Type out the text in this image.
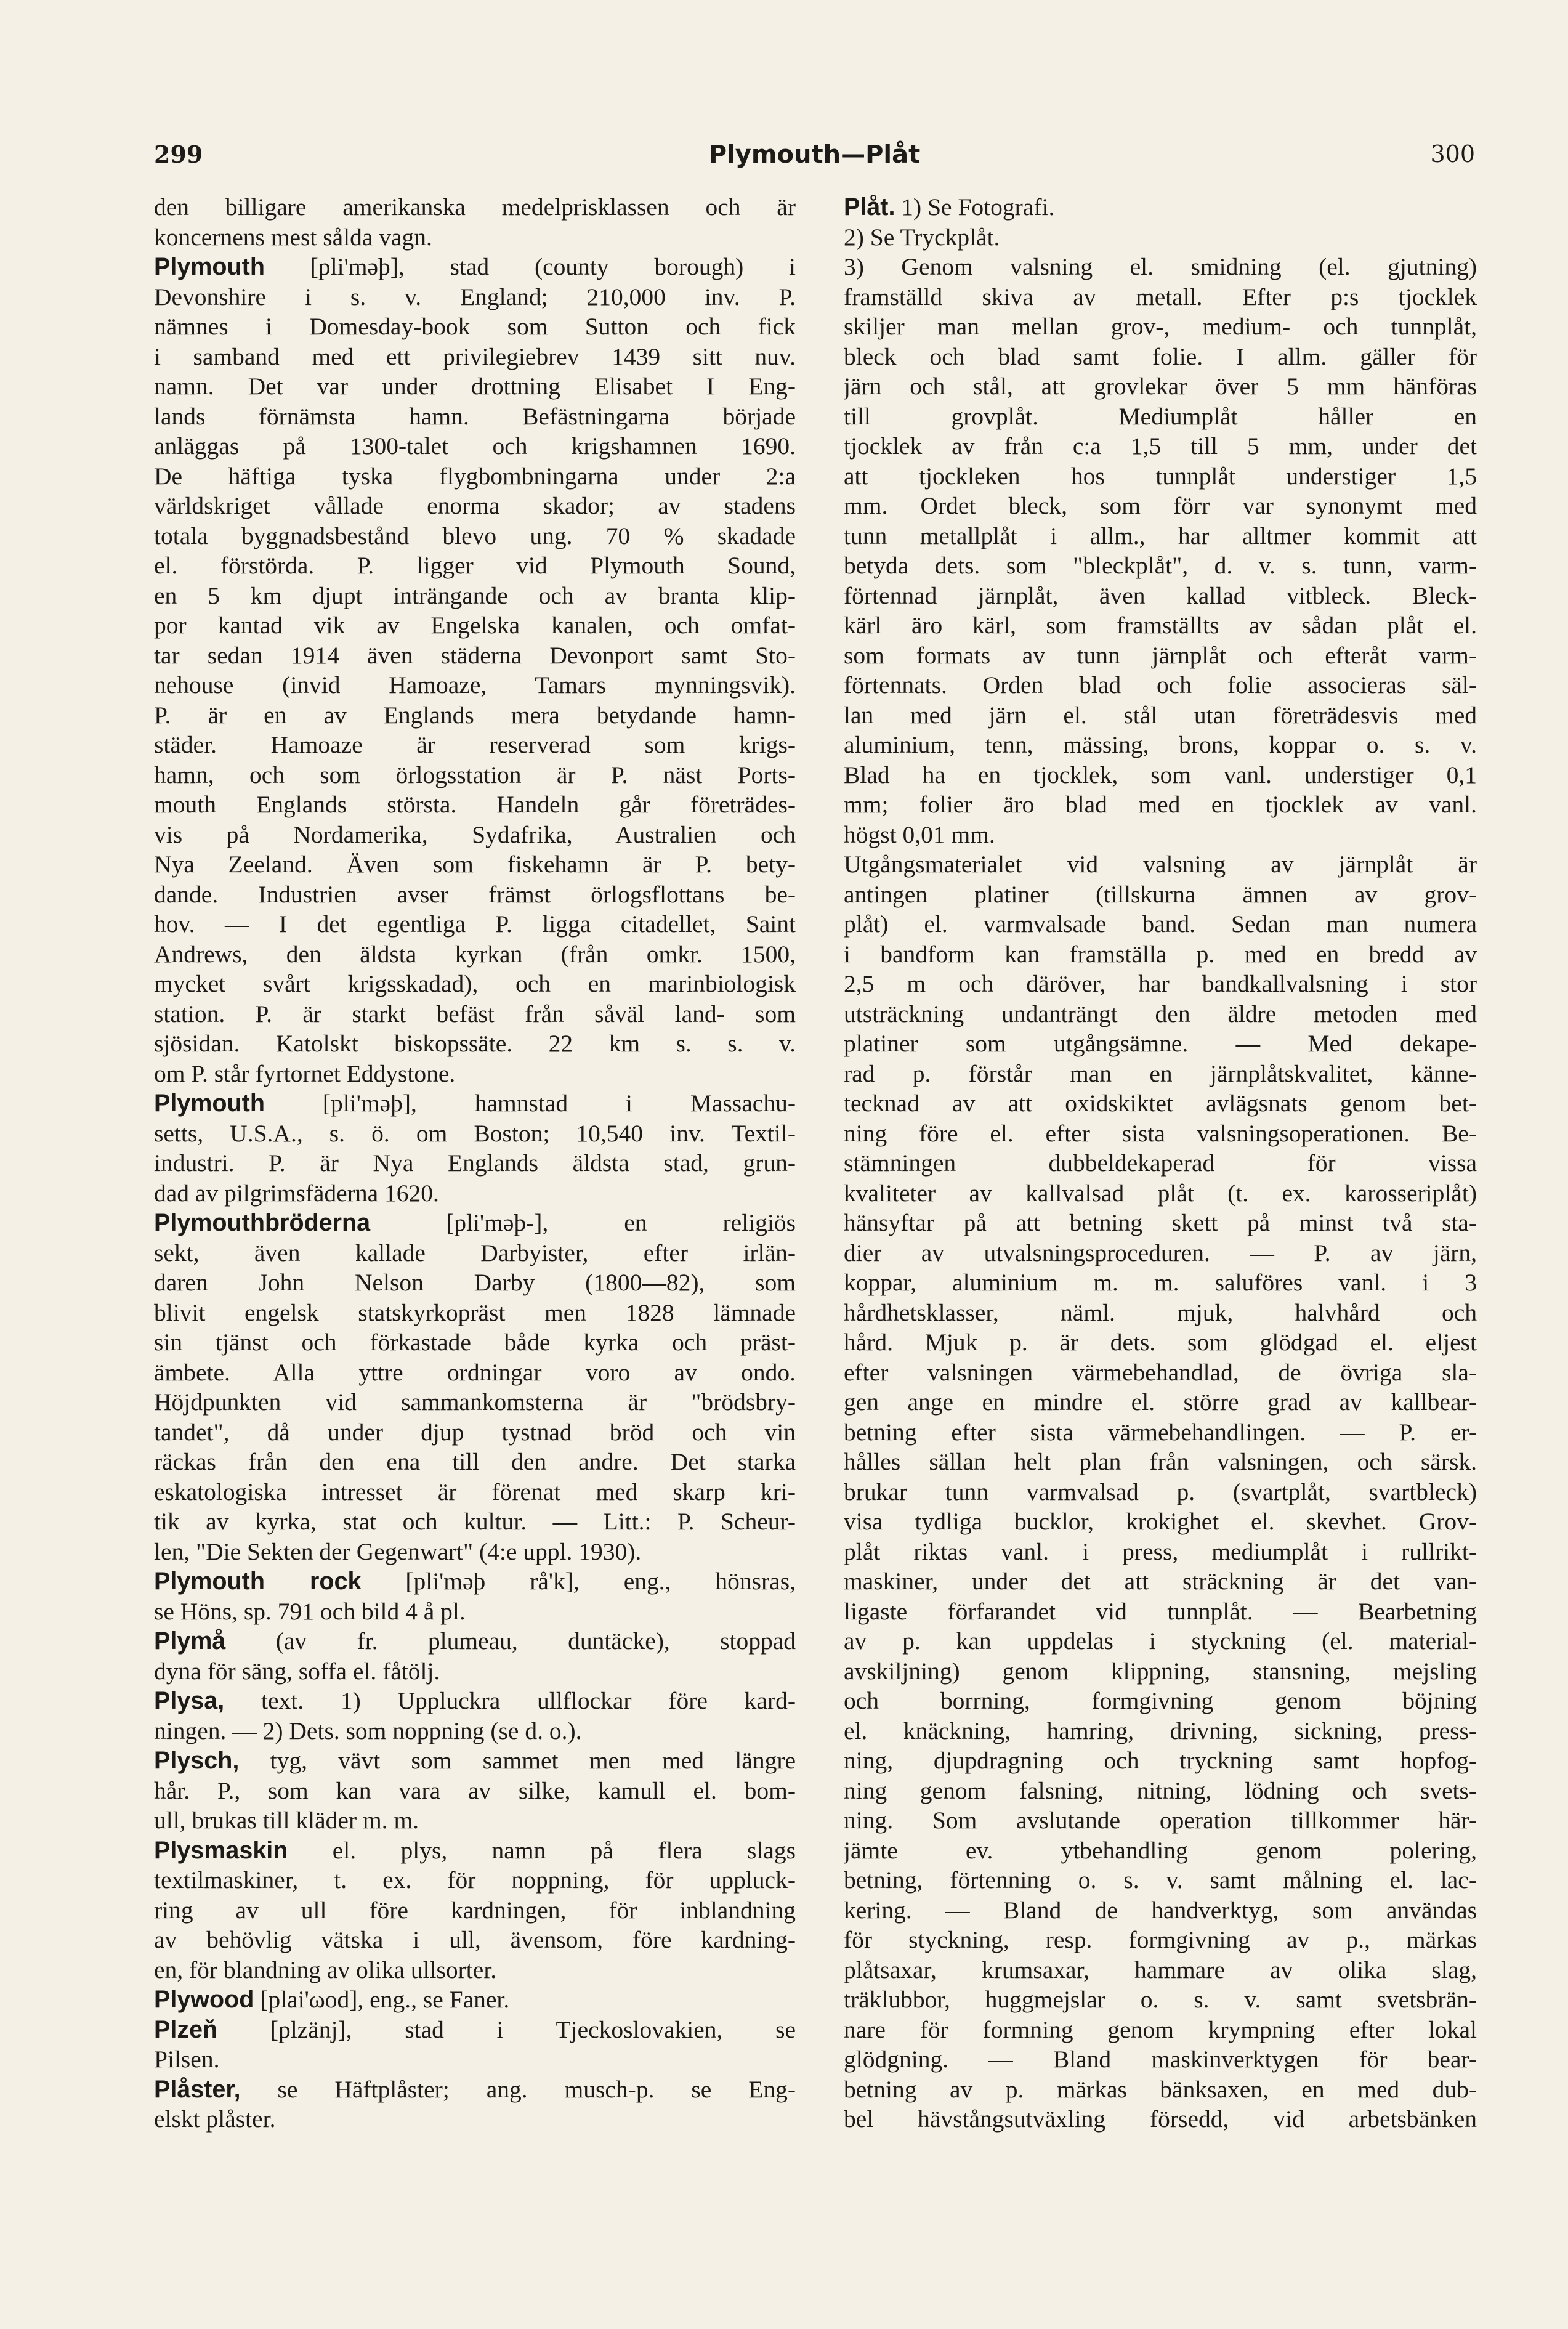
299	Plymouth—Plåt	300
den billigare amerikanska medelprisklassen och är
koncernens mest sålda vagn.
Plymouth [pli'məþ], stad (county borough) i
Devonshire i s. v. England; 210,000 inv. P.
nämnes i Domesday-book som Sutton och fick
i samband med ett privilegiebrev 1439 sitt nuv.
namn. Det var under drottning Elisabet I Eng-
lands förnämsta hamn. Befästningarna började
anläggas på 1300-talet och krigshamnen 1690.
De häftiga tyska flygbombningarna under 2:a
världskriget vållade enorma skador; av stadens
totala byggnadsbestånd blevo ung. 70 % skadade
el. förstörda. P. ligger vid Plymouth Sound,
en 5 km djupt inträngande och av branta klip-
por kantad vik av Engelska kanalen, och omfat-
tar sedan 1914 även städerna Devonport samt Sto-
nehouse (invid Hamoaze, Tamars mynningsvik).
P. är en av Englands mera betydande hamn-
städer. Hamoaze är reserverad som krigs-
hamn, och som örlogsstation är P. näst Ports-
mouth Englands största. Handeln går företrädes-
vis på Nordamerika, Sydafrika, Australien och
Nya Zeeland. Även som fiskehamn är P. bety-
dande. Industrien avser främst örlogsflottans be-
hov. — I det egentliga P. ligga citadellet, Saint
Andrews, den äldsta kyrkan (från omkr. 1500,
mycket svårt krigsskadad), och en marinbiologisk
station. P. är starkt befäst från såväl land- som
sjösidan. Katolskt biskopssäte. 22 km s. s. v.
om P. står fyrtornet Eddystone.
Plymouth [pli'məþ], hamnstad i Massachu-
setts, U.S.A., s. ö. om Boston; 10,540 inv. Textil-
industri. P. är Nya Englands äldsta stad, grun-
dad av pilgrimsfäderna 1620.
Plymouthbröderna [pli'məþ-], en religiös
sekt, även kallade Darbyister, efter irlän-
daren John Nelson Darby (1800—82), som
blivit engelsk statskyrkopräst men 1828 lämnade
sin tjänst och förkastade både kyrka och präst-
ämbete. Alla yttre ordningar voro av ondo.
Höjdpunkten vid sammankomsterna är "brödsbry-
tandet", då under djup tystnad bröd och vin
räckas från den ena till den andre. Det starka
eskatologiska intresset är förenat med skarp kri-
tik av kyrka, stat och kultur. — Litt.: P. Scheur-
len, "Die Sekten der Gegenwart" (4:e uppl. 1930).
Plymouth rock [pli'məþ rå'k], eng., hönsras,
se Höns, sp. 791 och bild 4 å pl.
Plymå (av fr. plumeau, duntäcke), stoppad
dyna för säng, soffa el. fåtölj.
Plysa, text. 1) Uppluckra ullflockar före kard-
ningen. — 2) Dets. som noppning (se d. o.).
Plysch, tyg, vävt som sammet men med längre
hår. P., som kan vara av silke, kamull el. bom-
ull, brukas till kläder m. m.
Plysmaskin el. plys, namn på flera slags
textilmaskiner, t. ex. för noppning, för uppluck-
ring av ull före kardningen, för inblandning
av behövlig vätska i ull, ävensom, före kardning-
en, för blandning av olika ullsorter.
Plywood [plai'ωod], eng., se Faner.
Plzeň [plzänj], stad i Tjeckoslovakien, se
Pilsen.
Plåster, se Häftplåster; ang. musch-p. se Eng-
elskt plåster.
Plåt. 1) Se Fotografi.
2) Se Tryckplåt.
3) Genom valsning el. smidning (el. gjutning)
framställd skiva av metall. Efter p:s tjocklek
skiljer man mellan grov-, medium- och tunnplåt,
bleck och blad samt folie. I allm. gäller för
järn och stål, att grovlekar över 5 mm hänföras
till grovplåt. Mediumplåt håller en
tjocklek av från c:a 1,5 till 5 mm, under det
att tjockleken hos tunnplåt understiger 1,5
mm. Ordet bleck, som förr var synonymt med
tunn metallplåt i allm., har alltmer kommit att
betyda dets. som "bleckplåt", d. v. s. tunn, varm-
förtennad järnplåt, även kallad vitbleck. Bleck-
kärl äro kärl, som framställts av sådan plåt el.
som formats av tunn järnplåt och efteråt varm-
förtennats. Orden blad och folie associeras säl-
lan med järn el. stål utan företrädesvis med
aluminium, tenn, mässing, brons, koppar o. s. v.
Blad ha en tjocklek, som vanl. understiger 0,1
mm; folier äro blad med en tjocklek av vanl.
högst 0,01 mm.
Utgångsmaterialet vid valsning av järnplåt är
antingen platiner (tillskurna ämnen av grov-
plåt) el. varmvalsade band. Sedan man numera
i bandform kan framställa p. med en bredd av
2,5 m och däröver, har bandkallvalsning i stor
utsträckning undanträngt den äldre metoden med
platiner som utgångsämne. — Med dekape-
rad p. förstår man en järnplåtskvalitet, känne-
tecknad av att oxidskiktet avlägsnats genom bet-
ning före el. efter sista valsningsoperationen. Be-
stämningen dubbeldekaperad för vissa
kvaliteter av kallvalsad plåt (t. ex. karosseriplåt)
hänsyftar på att betning skett på minst två sta-
dier av utvalsningsproceduren. — P. av järn,
koppar, aluminium m. m. saluföres vanl. i 3
hårdhetsklasser, näml. mjuk, halvhård och
hård. Mjuk p. är dets. som glödgad el. eljest
efter valsningen värmebehandlad, de övriga sla-
gen ange en mindre el. större grad av kallbear-
betning efter sista värmebehandlingen. — P. er-
hålles sällan helt plan från valsningen, och särsk.
brukar tunn varmvalsad p. (svartplåt, svartbleck)
visa tydliga bucklor, krokighet el. skevhet. Grov-
plåt riktas vanl. i press, mediumplåt i rullrikt-
maskiner, under det att sträckning är det van-
ligaste förfarandet vid tunnplåt. — Bearbetning
av p. kan uppdelas i styckning (el. material-
avskiljning) genom klippning, stansning, mejsling
och borrning, formgivning genom böjning
el. knäckning, hamring, drivning, sickning, press-
ning, djupdragning och tryckning samt hopfog-
ning genom falsning, nitning, lödning och svets-
ning. Som avslutande operation tillkommer här-
jämte ev. ytbehandling genom polering,
betning, förtenning o. s. v. samt målning el. lac-
kering. — Bland de handverktyg, som användas
för styckning, resp. formgivning av p., märkas
plåtsaxar, krumsaxar, hammare av olika slag,
träklubbor, huggmejslar o. s. v. samt svetsbrän-
nare för formning genom krympning efter lokal
glödgning. — Bland maskinverktygen för bear-
betning av p. märkas bänksaxen, en med dub-
bel hävstångsutväxling försedd, vid arbetsbänken
